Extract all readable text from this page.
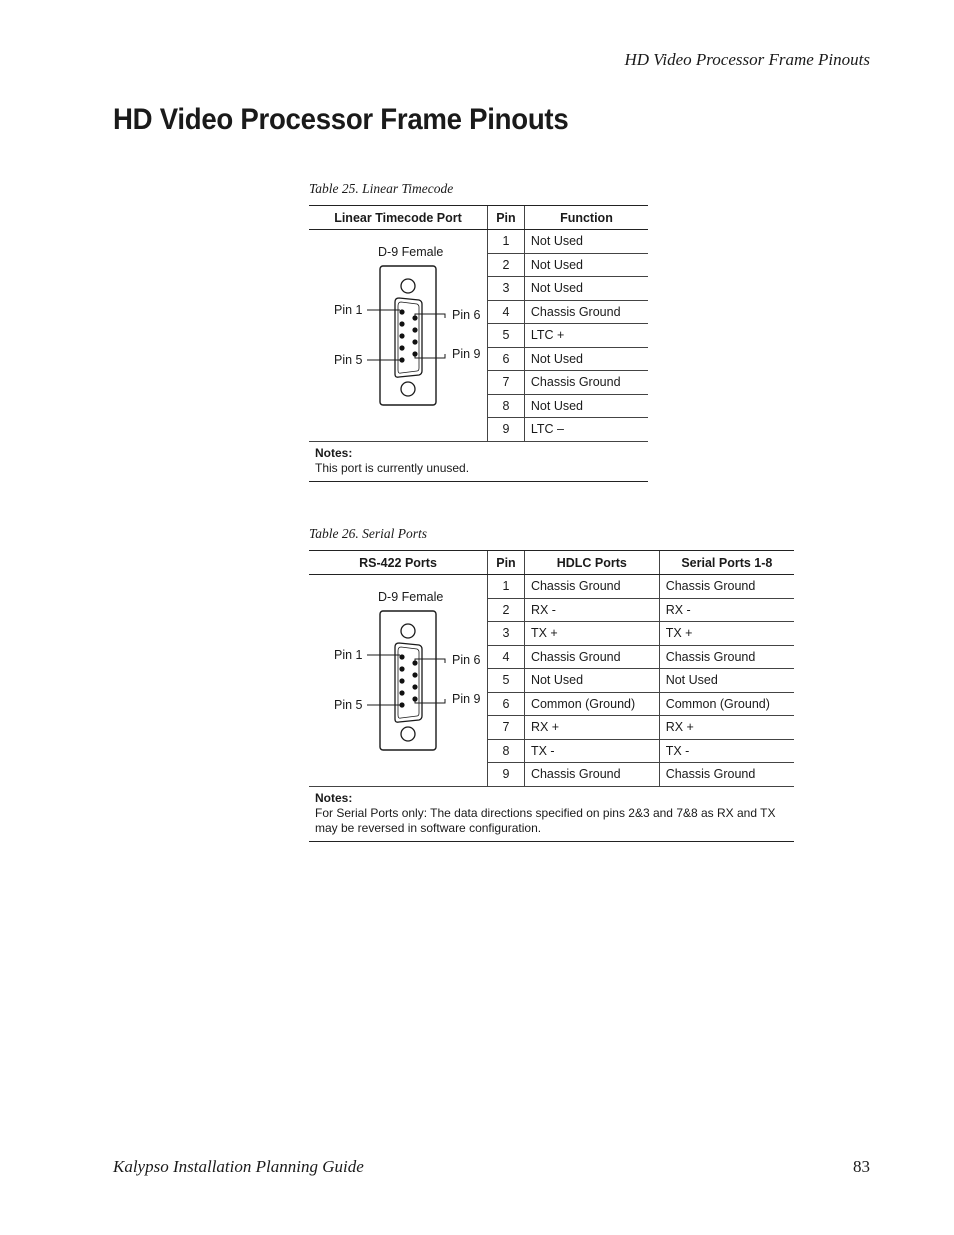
HD Video Processor Frame Pinouts
HD Video Processor Frame Pinouts
Table 25. Linear Timecode
Linear Timecode Port	Pin	Function

D-9 Female
Pin 1
Pin 5
Pin 6
Pin 9	1	Not Used
	2	Not Used
	3	Not Used
	4	Chassis Ground
	5	LTC +
	6	Not Used
	7	Chassis Ground
	8	Not Used
	9	LTC –

Notes:
This port is currently unused.		
Table 26. Serial Ports
RS-422 Ports	Pin	HDLC Ports	Serial Ports 1-8

D-9 Female
Pin 1
Pin 5
Pin 6
Pin 9	1	Chassis Ground	Chassis Ground
	2	RX -	RX -
	3	TX +	TX +
	4	Chassis Ground	Chassis Ground
	5	Not Used	Not Used
	6	Common (Ground)	Common (Ground)
	7	RX +	RX +
	8	TX -	TX -
	9	Chassis Ground	Chassis Ground

Notes:
For Serial Ports only: The data directions specified on pins 2&3 and 7&8 as RX and TX may be reversed in software configuration.			
Kalypso Installation Planning Guide	83
